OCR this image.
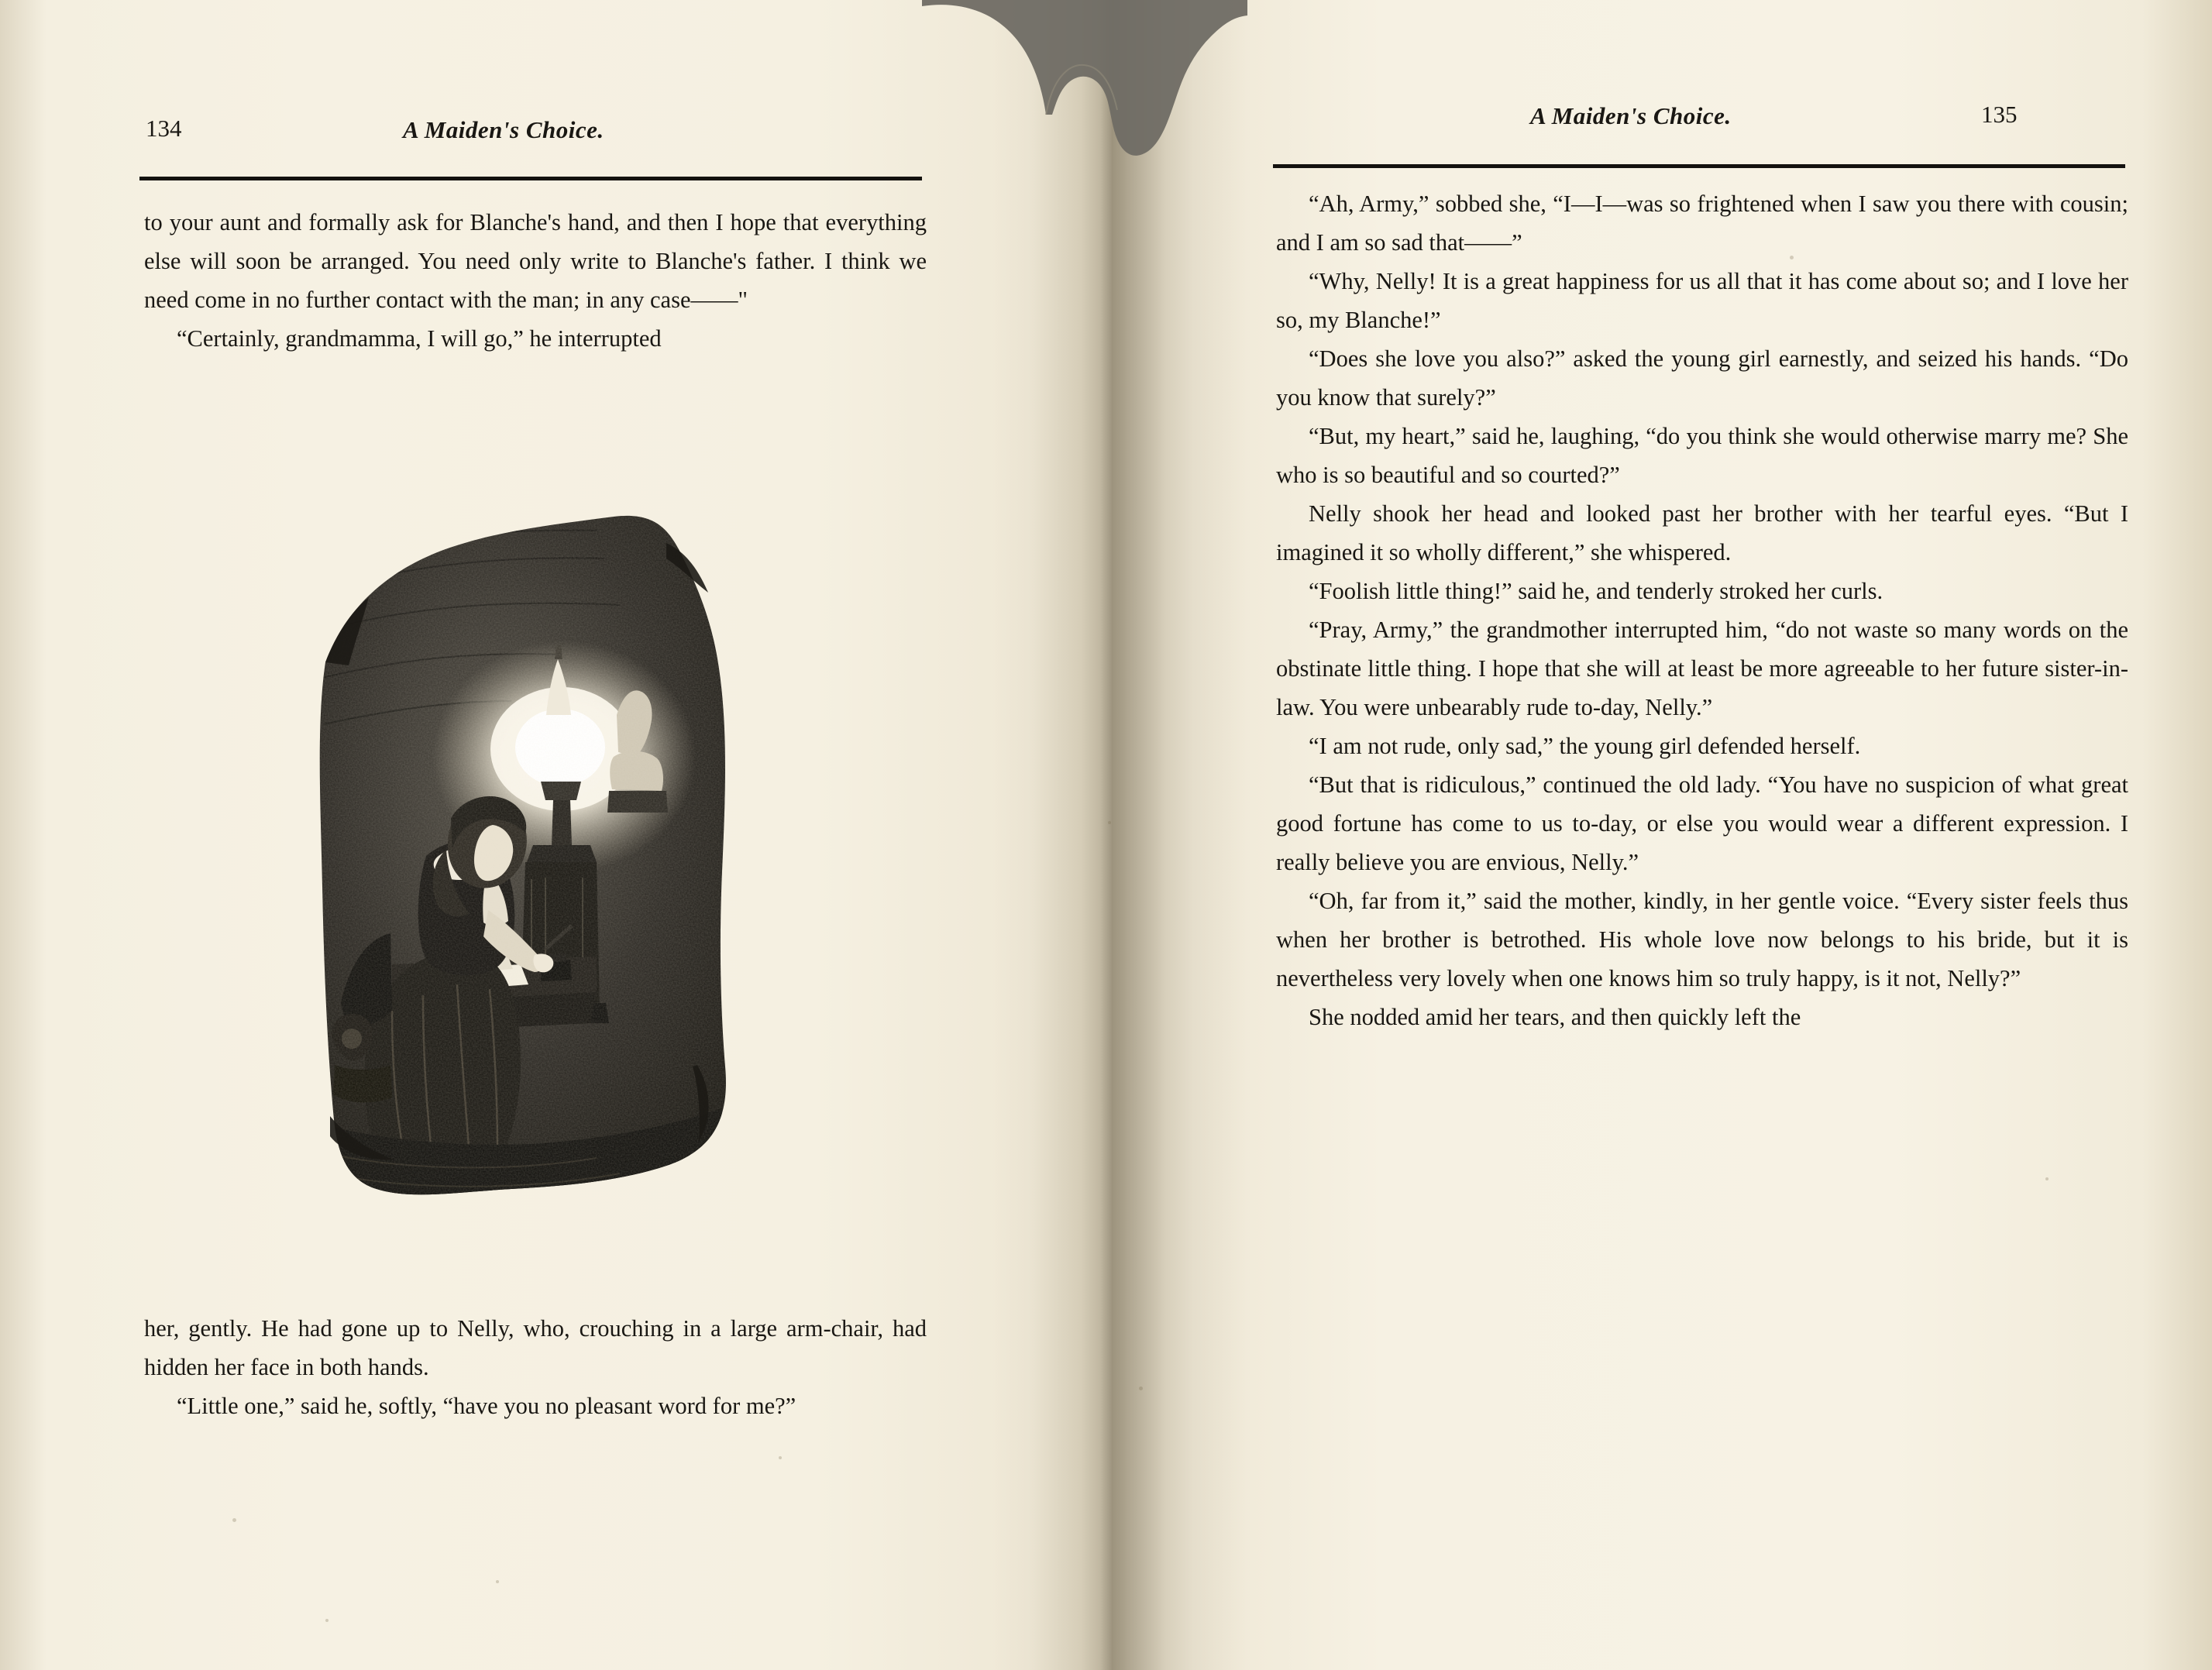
134	A Maiden's Choice.

to your aunt and formally ask for Blanche's hand, and then I hope that everything else will soon be arranged. You need only write to Blanche's father. I think we need come in no further contact with the man; in any case——"

“Certainly, grandmamma, I will go,” he interrupted

her, gently. He had gone up to Nelly, who, crouching in a large arm-chair, had hidden her face in both hands.

“Little one,” said he, softly, “have you no pleasant word for me?”

A Maiden's Choice.	135

“Ah, Army,” sobbed she, “I—I—was so frightened when I saw you there with cousin; and I am so sad that——”

“Why, Nelly! It is a great happiness for us all that it has come about so; and I love her so, my Blanche!”

“Does she love you also?” asked the young girl earnestly, and seized his hands. “Do you know that surely?”

“But, my heart,” said he, laughing, “do you think she would otherwise marry me? She who is so beautiful and so courted?”

Nelly shook her head and looked past her brother with her tearful eyes. “But I imagined it so wholly different,” she whispered.

“Foolish little thing!” said he, and tenderly stroked her curls.

“Pray, Army,” the grandmother interrupted him, “do not waste so many words on the obstinate little thing. I hope that she will at least be more agreeable to her future sister-in-law. You were unbearably rude to-day, Nelly.”

“I am not rude, only sad,” the young girl defended herself.

“But that is ridiculous,” continued the old lady. “You have no suspicion of what great good fortune has come to us to-day, or else you would wear a different expression. I really believe you are envious, Nelly.”

“Oh, far from it,” said the mother, kindly, in her gentle voice. “Every sister feels thus when her brother is betrothed. His whole love now belongs to his bride, but it is nevertheless very lovely when one knows him so truly happy, is it not, Nelly?”

She nodded amid her tears, and then quickly left the
